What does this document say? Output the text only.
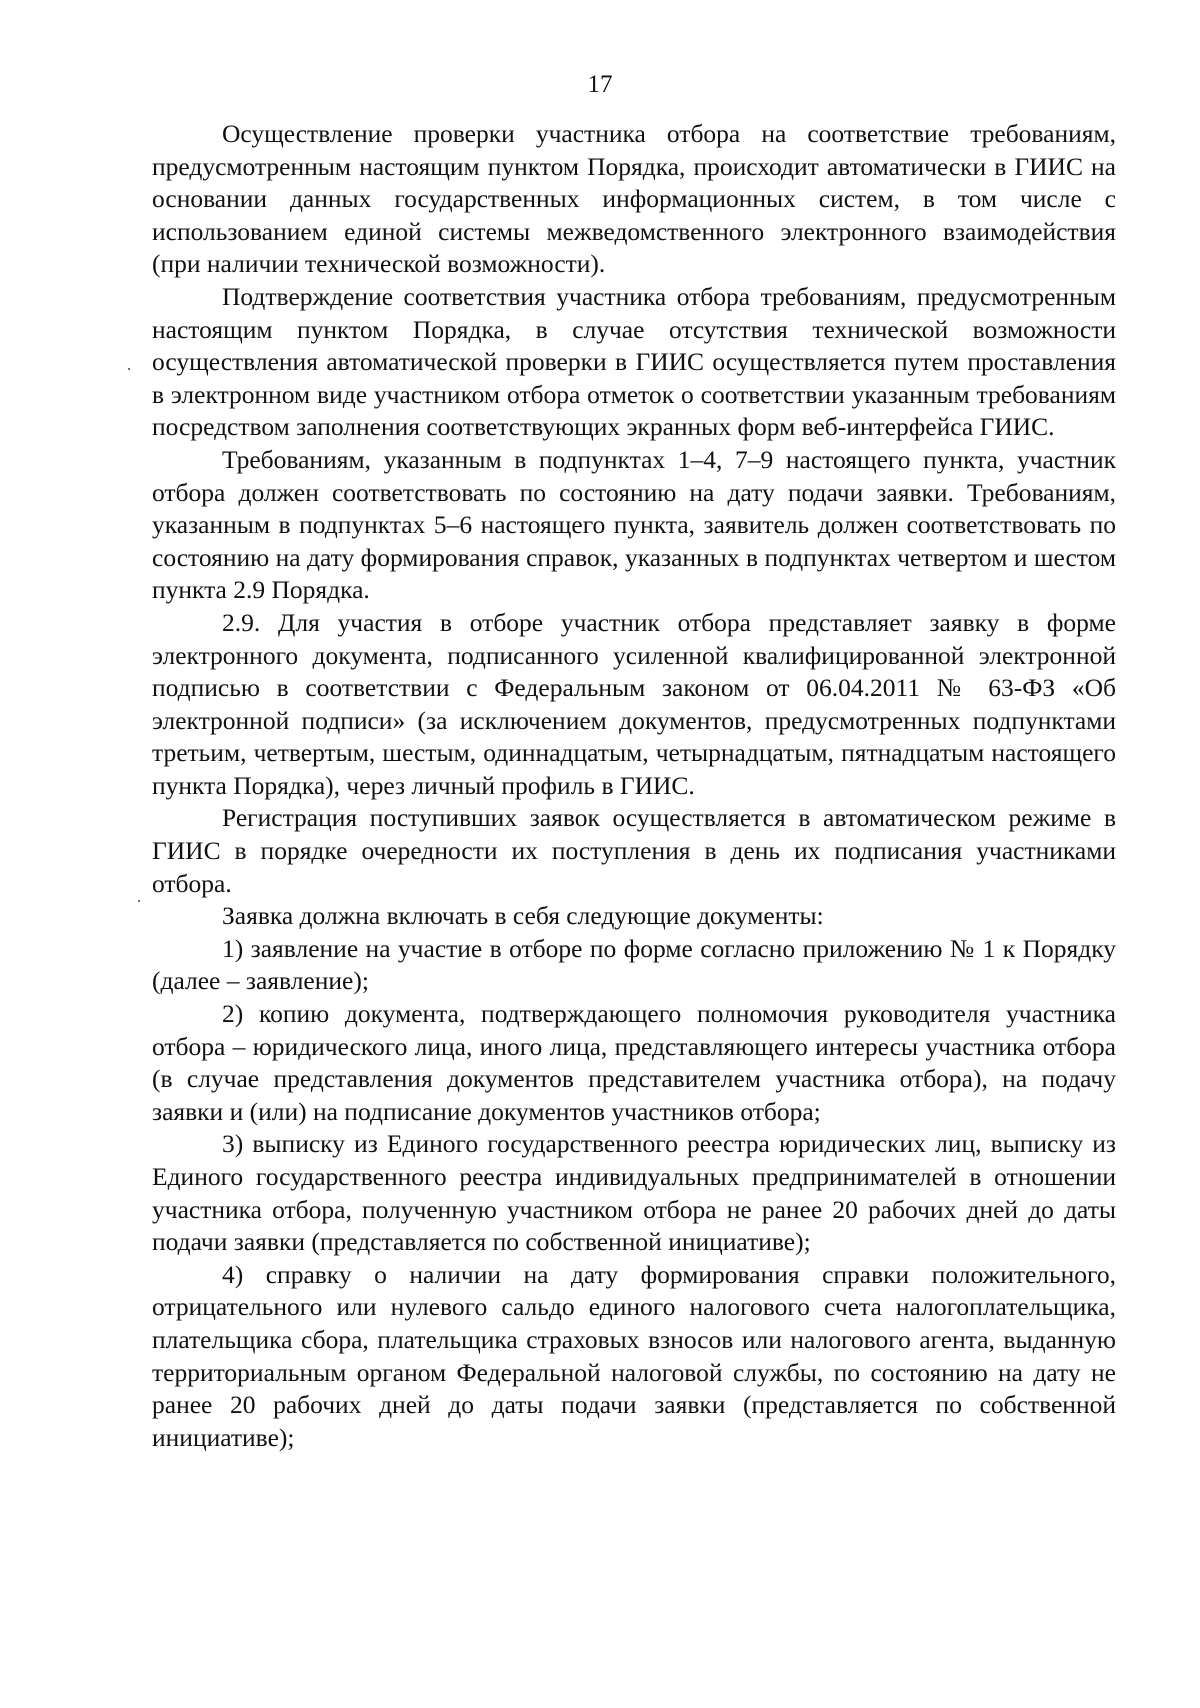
17

Осуществление проверки участника отбора на соответствие требованиям, предусмотренным настоящим пунктом Порядка, происходит автоматически в ГИИС на основании данных государственных информационных систем, в том числе с использованием единой системы межведомственного электронного взаимодействия (при наличии технической возможности).

Подтверждение соответствия участника отбора требованиям, предусмотренным настоящим пунктом Порядка, в случае отсутствия технической возможности осуществления автоматической проверки в ГИИС осуществляется путем проставления в электронном виде участником отбора отметок о соответствии указанным требованиям посредством заполнения соответствующих экранных форм веб-интерфейса ГИИС.

Требованиям, указанным в подпунктах 1–4, 7–9 настоящего пункта, участник отбора должен соответствовать по состоянию на дату подачи заявки. Требованиям, указанным в подпунктах 5–6 настоящего пункта, заявитель должен соответствовать по состоянию на дату формирования справок, указанных в подпунктах четвертом и шестом пункта 2.9 Порядка.

2.9. Для участия в отборе участник отбора представляет заявку в форме электронного документа, подписанного усиленной квалифицированной электронной подписью в соответствии с Федеральным законом от 06.04.2011 № 63-ФЗ «Об электронной подписи» (за исключением документов, предусмотренных подпунктами третьим, четвертым, шестым, одиннадцатым, четырнадцатым, пятнадцатым настоящего пункта Порядка), через личный профиль в ГИИС.

Регистрация поступивших заявок осуществляется в автоматическом режиме в ГИИС в порядке очередности их поступления в день их подписания участниками отбора.

Заявка должна включать в себя следующие документы:

1) заявление на участие в отборе по форме согласно приложению № 1 к Порядку (далее – заявление);

2) копию документа, подтверждающего полномочия руководителя участника отбора – юридического лица, иного лица, представляющего интересы участника отбора (в случае представления документов представителем участника отбора), на подачу заявки и (или) на подписание документов участников отбора;

3) выписку из Единого государственного реестра юридических лиц, выписку из Единого государственного реестра индивидуальных предпринимателей в отношении участника отбора, полученную участником отбора не ранее 20 рабочих дней до даты подачи заявки (представляется по собственной инициативе);

4) справку о наличии на дату формирования справки положительного, отрицательного или нулевого сальдо единого налогового счета налогоплательщика, плательщика сбора, плательщика страховых взносов или налогового агента, выданную территориальным органом Федеральной налоговой службы, по состоянию на дату не ранее 20 рабочих дней до даты подачи заявки (представляется по собственной инициативе);
